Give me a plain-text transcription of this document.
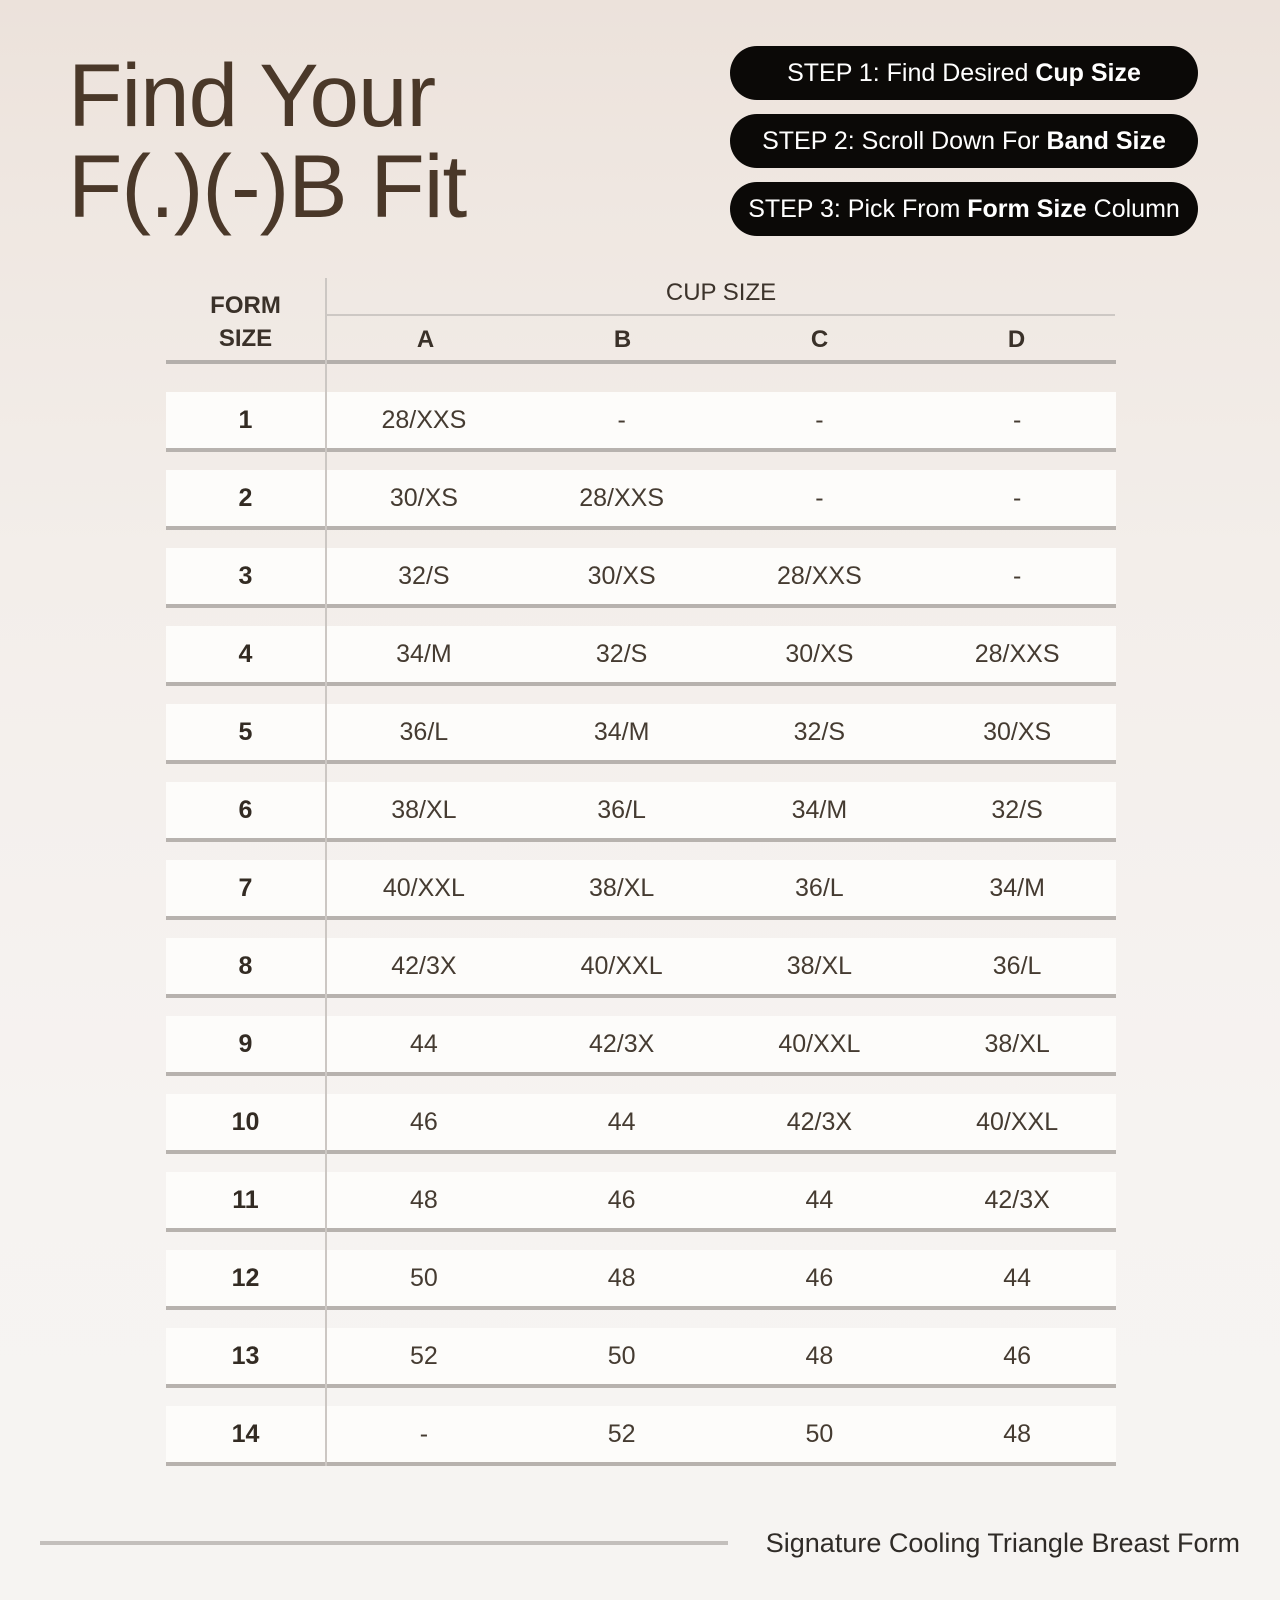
Find Your
F(.)(-)B Fit
STEP 1: Find Desired Cup Size
STEP 2: Scroll Down For Band Size
STEP 3: Pick From Form Size Column
FORM
SIZE
CUP SIZE
A	B	C	D
1	28/XXS	-	-	-
2	30/XS	28/XXS	-	-
3	32/S	30/XS	28/XXS	-
4	34/M	32/S	30/XS	28/XXS
5	36/L	34/M	32/S	30/XS
6	38/XL	36/L	34/M	32/S
7	40/XXL	38/XL	36/L	34/M
8	42/3X	40/XXL	38/XL	36/L
9	44	42/3X	40/XXL	38/XL
10	46	44	42/3X	40/XXL
11	48	46	44	42/3X
12	50	48	46	44
13	52	50	48	46
14	-	52	50	48
Signature Cooling Triangle Breast Form
